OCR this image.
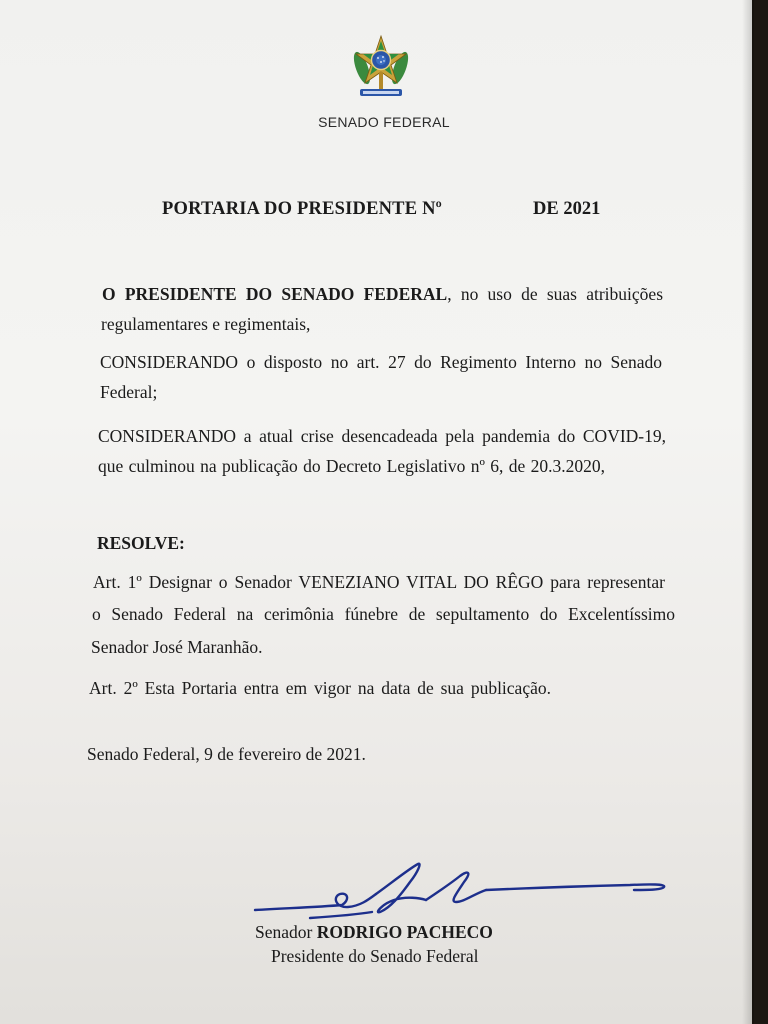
SENADO FEDERAL
PORTARIA DO PRESIDENTE Nº	DE 2021
O PRESIDENTE DO SENADO FEDERAL, no uso de suas atribuições
regulamentares e regimentais,
CONSIDERANDO o disposto no art. 27 do Regimento Interno no Senado
Federal;
CONSIDERANDO a atual crise desencadeada pela pandemia do COVID-19,
que culminou na publicação do Decreto Legislativo nº 6, de 20.3.2020,
RESOLVE:
Art. 1º Designar o Senador VENEZIANO VITAL DO RÊGO para representar
o Senado Federal na cerimônia fúnebre de sepultamento do Excelentíssimo
Senador José Maranhão.
Art. 2º Esta Portaria entra em vigor na data de sua publicação.
Senado Federal, 9 de fevereiro de 2021.
Senador RODRIGO PACHECO
Presidente do Senado Federal
